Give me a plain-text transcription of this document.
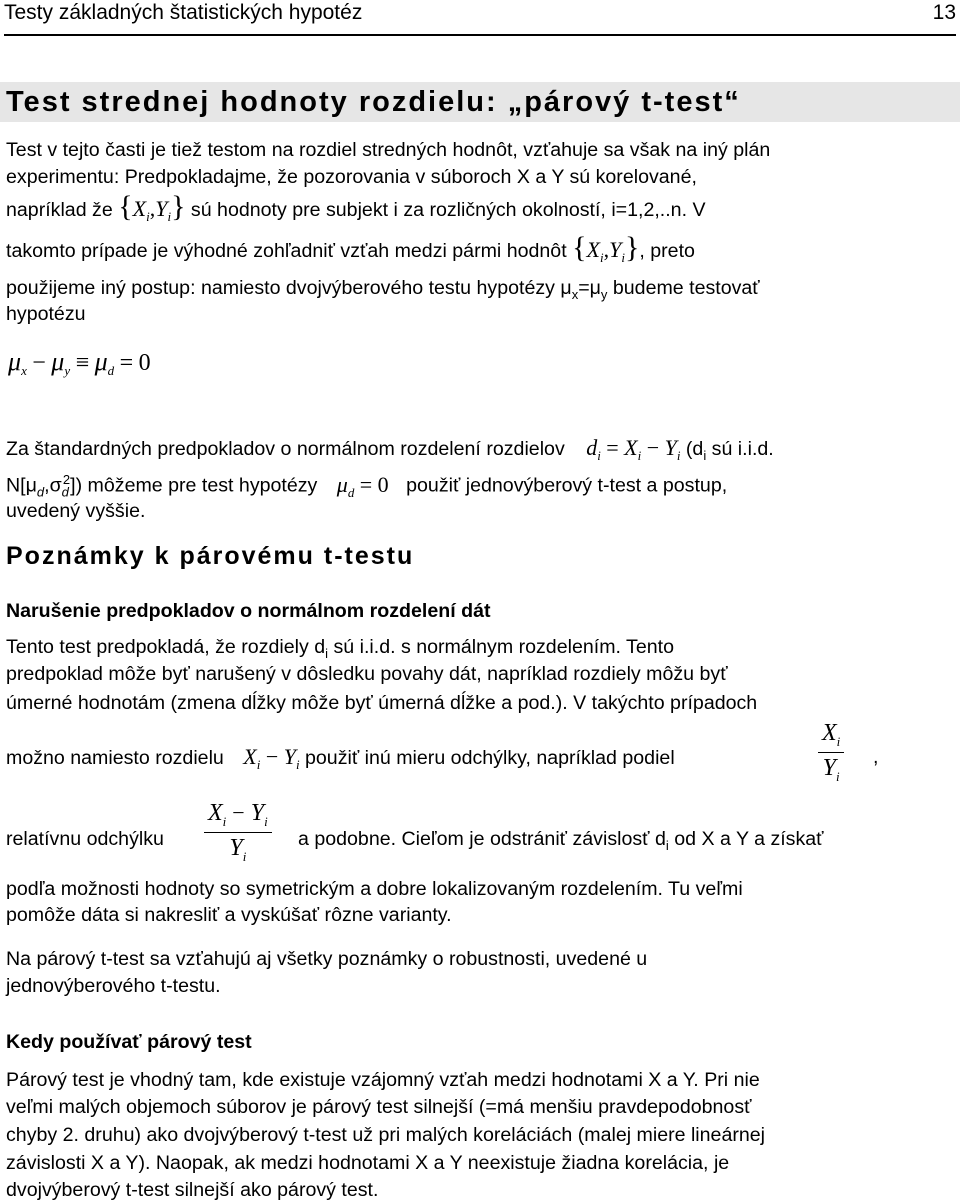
Testy základných štatistických hypotéz	13
Test strednej hodnoty rozdielu: „párový t-test“
Test v tejto časti je tiež testom na rozdiel stredných hodnôt, vzťahuje sa však na iný plán
experimentu: Predpokladajme, že pozorovania v súboroch X a Y sú korelované,
napríklad že $\{X_i,Y_i\}$ sú hodnoty pre subjekt i za rozličných okolností, i=1,2,..n. V
takomto prípade je výhodné zohľadniť vzťah medzi pármi hodnôt $\{X_i,Y_i\}$, preto
použijeme iný postup: namiesto dvojvýberového testu hypotézy $\mu_x=\mu_y$ budeme testovať
hypotézu
$\mu_x - \mu_y \equiv \mu_d = 0$
Za štandardných predpokladov o normálnom rozdelení rozdielov $d_i = X_i - Y_i$ ($d_i$ sú i.i.d.
$N[\mu_d,\sigma_d^2]$) môžeme pre test hypotézy $\mu_d = 0$ použiť jednovýberový t-test a postup,
uvedený vyššie.
Poznámky k párovému t-testu
Narušenie predpokladov o normálnom rozdelení dát
Tento test predpokladá, že rozdiely $d_i$ sú i.i.d. s normálnym rozdelením. Tento
predpoklad môže byť narušený v dôsledku povahy dát, napríklad rozdiely môžu byť
úmerné hodnotám (zmena dĺžky môže byť úmerná dĺžke a pod.). V takýchto prípadoch
možno namiesto rozdielu $X_i - Y_i$ použiť inú mieru odchýlky, napríklad podiel	$\frac{X_i}{Y_i}$ ,
relatívnu odchýlku $\frac{X_i - Y_i}{Y_i}$ a podobne. Cieľom je odstrániť závislosť $d_i$ od X a Y a získať
podľa možnosti hodnoty so symetrickým a dobre lokalizovaným rozdelením. Tu veľmi
pomôže dáta si nakresliť a vyskúšať rôzne varianty.
Na párový t-test sa vzťahujú aj všetky poznámky o robustnosti, uvedené u
jednovýberového t-testu.
Kedy používať párový test
Párový test je vhodný tam, kde existuje vzájomný vzťah medzi hodnotami X a Y. Pri nie
veľmi malých objemoch súborov je párový test silnejší (=má menšiu pravdepodobnosť
chyby 2. druhu) ako dvojvýberový t-test už pri malých koreláciách (malej miere lineárnej
závislosti X a Y). Naopak, ak medzi hodnotami X a Y neexistuje žiadna korelácia, je
dvojvýberový t-test silnejší ako párový test.
